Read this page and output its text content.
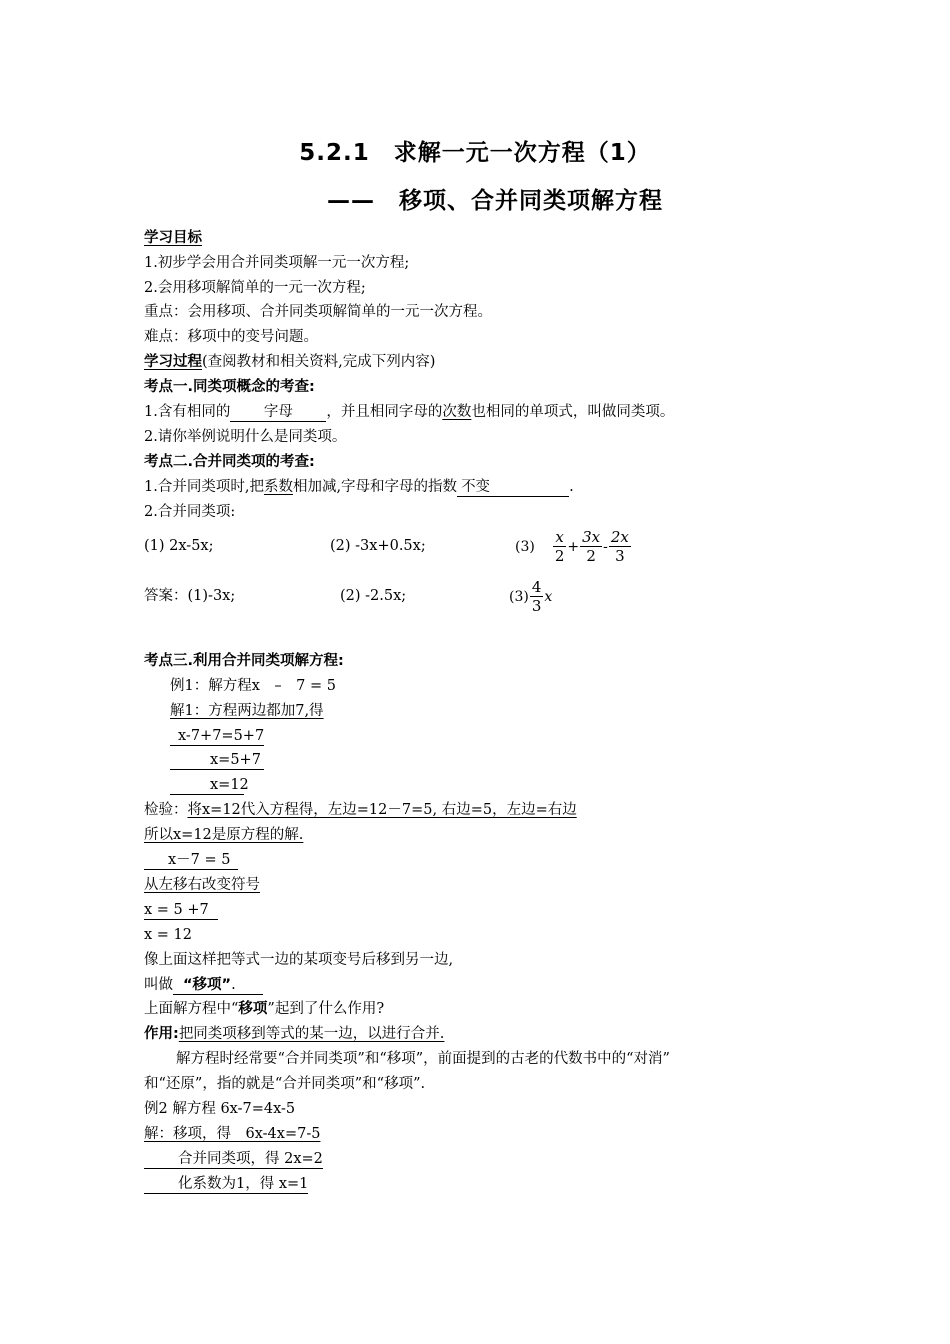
5.2.1　求解一元一次方程（1）
——　移项、合并同类项解方程
学习目标
1.初步学会用合并同类项解一元一次方程;
2.会用移项解简单的一元一次方程;
重点：会用移项、合并同类项解简单的一元一次方程。
难点：移项中的变号问题。
学习过程(查阅教材和相关资料,完成下列内容)
考点一.同类项概念的考查:
1.含有相同的 字母 ，并且相同字母的次数也相同的单项式，叫做同类项。
2.请你举例说明什么是同类项。
考点二.合并同类项的考查:
1.合并同类项时,把系数相加减,字母和字母的指数 不变	.
2.合并同类项:
(1) 2x-5x;	(2) -3x+0.5x;	$(3) \frac{x}{2} + \frac{3x}{2} - \frac{2x}{3}$
答案：(1)-3x;	(2) -2.5x;	$(3) \frac{4}{3}$ x
考点三.利用合并同类项解方程:
例1：解方程x　–　7 = 5
解1：方程两边都加7,得
x-7+7=5+7
x=5+7
x=12
检验：将x=12代入方程得，左边=12－7=5, 右边=5，左边=右边
所以x=12是原方程的解.
x－7 = 5
从左移右改变符号
x = 5 +7
x = 12
像上面这样把等式一边的某项变号后移到另一边,
叫做 “移项”.
上面解方程中“移项”起到了什么作用?
作用:把同类项移到等式的某一边，以进行合并.
解方程时经常要“合并同类项”和“移项”，前面提到的古老的代数书中的“对消”
和“还原”，指的就是“合并同类项”和“移项”.
例2 解方程 6x-7=4x-5
解：移项，得　6x-4x=7-5
合并同类项，得 2x=2
化系数为1，得 x=1
